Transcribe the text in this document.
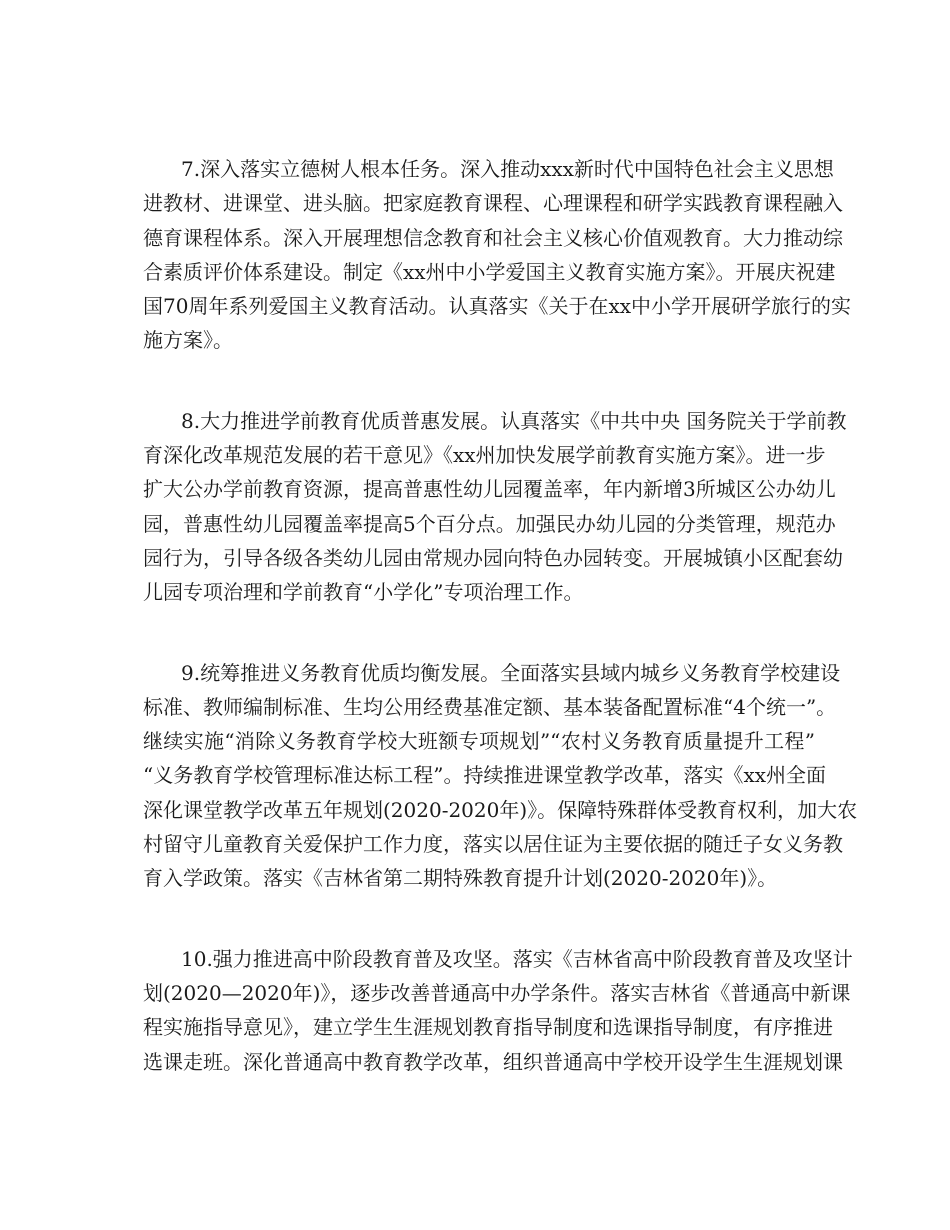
7.深入落实立德树人根本任务。深入推动xxx新时代中国特色社会主义思想
进教材、进课堂、进头脑。把家庭教育课程、心理课程和研学实践教育课程融入
德育课程体系。深入开展理想信念教育和社会主义核心价值观教育。大力推动综
合素质评价体系建设。制定《xx州中小学爱国主义教育实施方案》。开展庆祝建
国70周年系列爱国主义教育活动。认真落实《关于在xx中小学开展研学旅行的实
施方案》。
8.大力推进学前教育优质普惠发展。认真落实《中共中央 国务院关于学前教
育深化改革规范发展的若干意见》《xx州加快发展学前教育实施方案》。进一步
扩大公办学前教育资源，提高普惠性幼儿园覆盖率，年内新增3所城区公办幼儿
园，普惠性幼儿园覆盖率提高5个百分点。加强民办幼儿园的分类管理，规范办
园行为，引导各级各类幼儿园由常规办园向特色办园转变。开展城镇小区配套幼
儿园专项治理和学前教育“小学化”专项治理工作。
9.统筹推进义务教育优质均衡发展。全面落实县域内城乡义务教育学校建设
标准、教师编制标准、生均公用经费基准定额、基本装备配置标准“4个统一”。
继续实施“消除义务教育学校大班额专项规划”“农村义务教育质量提升工程”
“义务教育学校管理标准达标工程”。持续推进课堂教学改革，落实《xx州全面
深化课堂教学改革五年规划(2020-2020年)》。保障特殊群体受教育权利，加大农
村留守儿童教育关爱保护工作力度，落实以居住证为主要依据的随迁子女义务教
育入学政策。落实《吉林省第二期特殊教育提升计划(2020-2020年)》。
10.强力推进高中阶段教育普及攻坚。落实《吉林省高中阶段教育普及攻坚计
划(2020—2020年)》，逐步改善普通高中办学条件。落实吉林省《普通高中新课
程实施指导意见》，建立学生生涯规划教育指导制度和选课指导制度，有序推进
选课走班。深化普通高中教育教学改革，组织普通高中学校开设学生生涯规划课
